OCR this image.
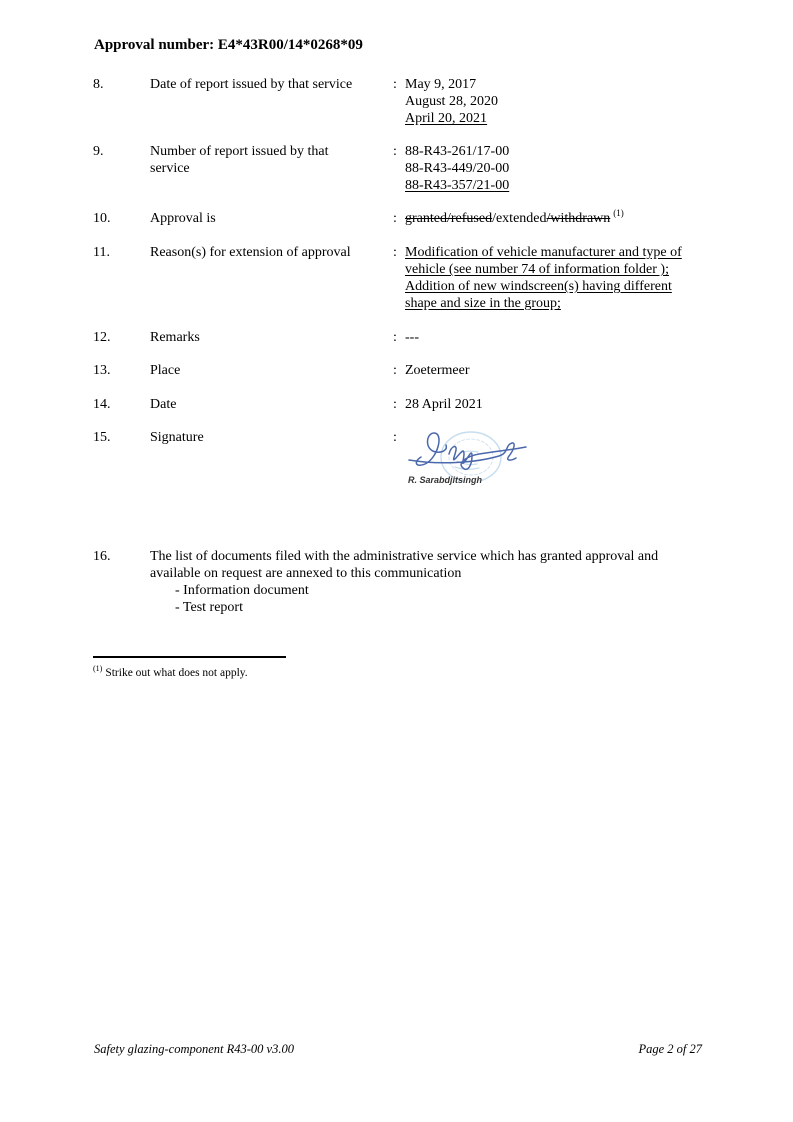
Approval number: E4*43R00/14*0268*09
8.	Date of report issued by that service	: May 9, 2017
August 28, 2020
April 20, 2021
9.	Number of report issued by that
service
: 88-R43-261/17-00
88-R43-449/20-00
88-R43-357/21-00
10.	Approval is	: granted/refused/extended/withdrawn $^{(1)}$
11.	Reason(s) for extension of approval	: Modification of vehicle manufacturer and type of
vehicle (see number 74 of information folder );
Addition of new windscreen(s) having different
shape and size in the group;
12.	Remarks	: ---
13.	Place	: Zoetermeer
14.	Date	: 28 April 2021
15.	Signature	:
R. Sarabdjitsingh
16.	The list of documents filed with the administrative service which has granted approval and
available on request are annexed to this communication
- Information document
- Test report
$^{(1)}$ Strike out what does not apply.
Safety glazing-component R43-00 v3.00	Page 2 of 27
